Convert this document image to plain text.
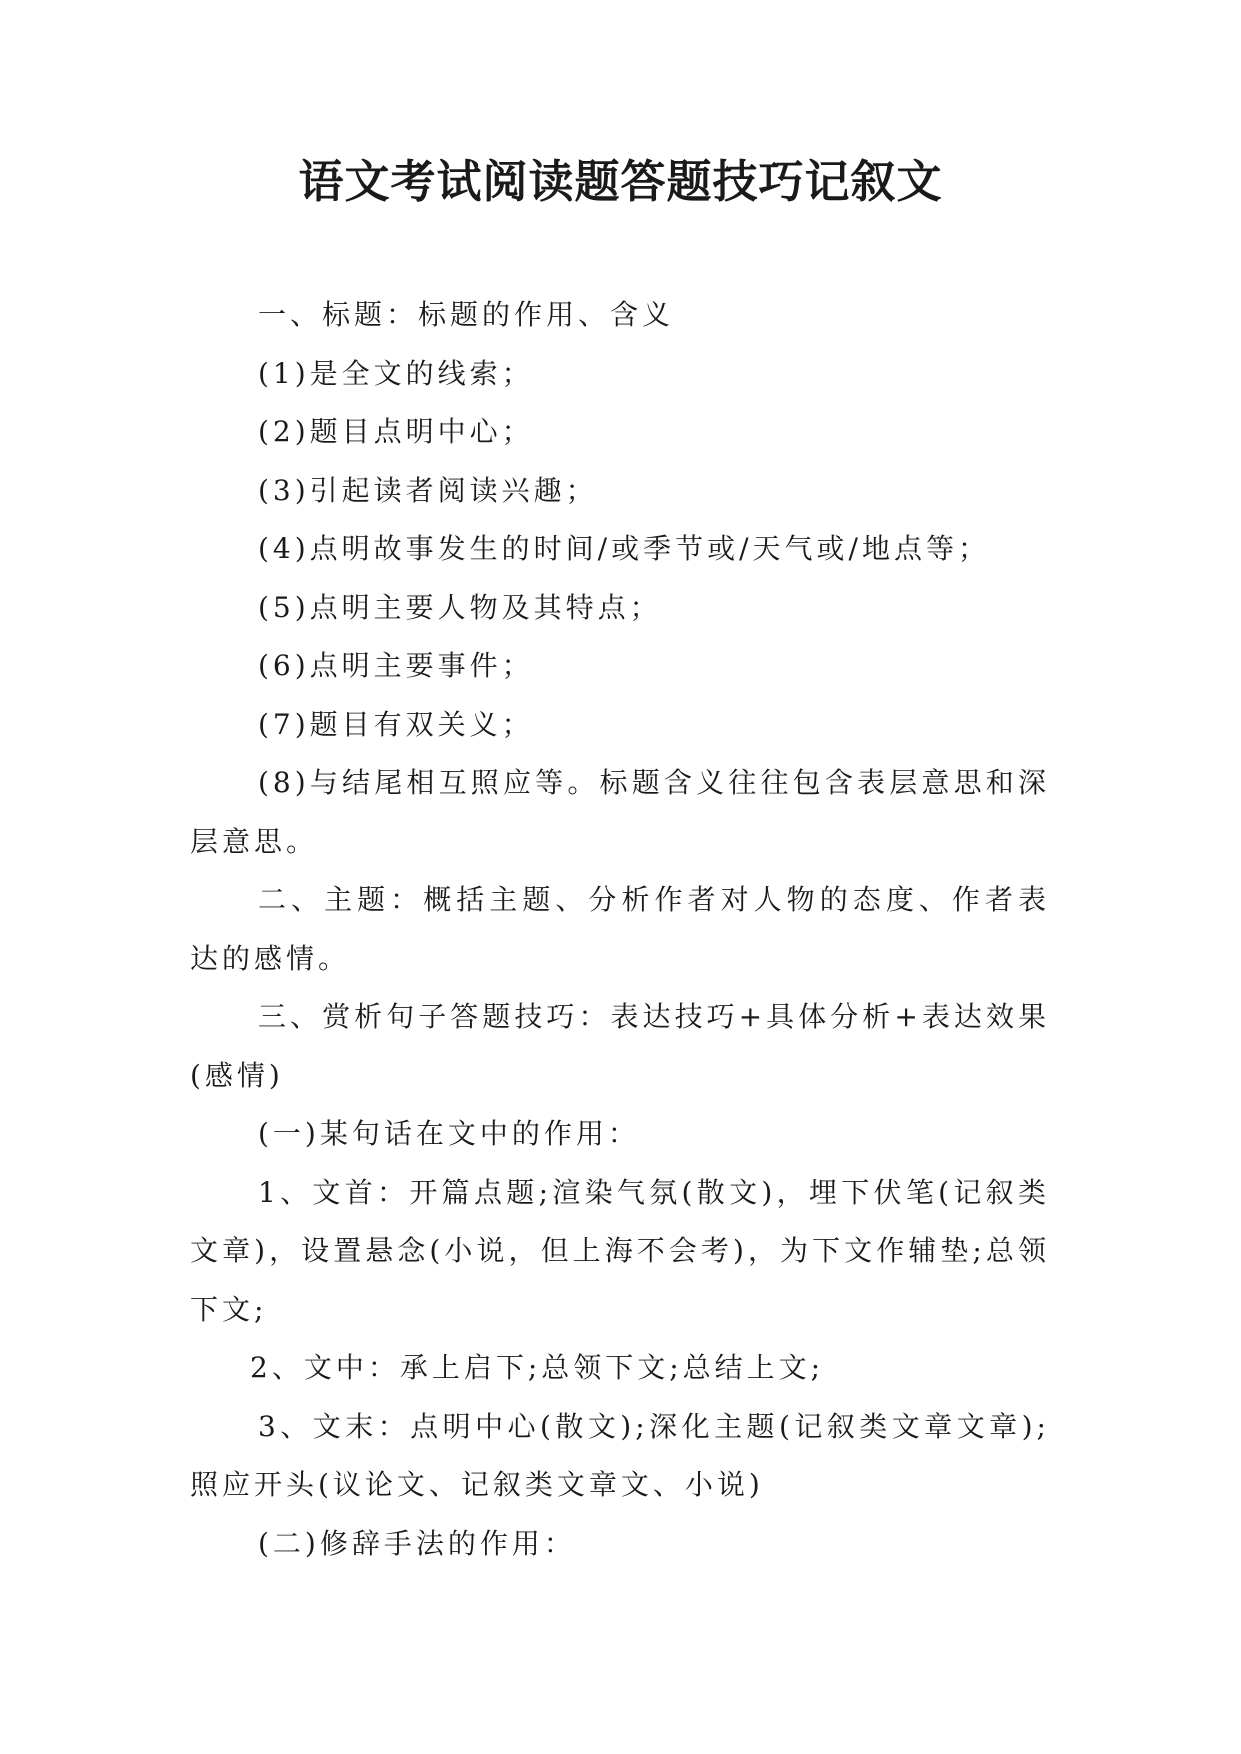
语文考试阅读题答题技巧记叙文

一、标题：标题的作用、含义

(1)是全文的线索；

(2)题目点明中心；

(3)引起读者阅读兴趣；

(4)点明故事发生的时间/或季节或/天气或/地点等；

(5)点明主要人物及其特点；

(6)点明主要事件；

(7)题目有双关义；

(8)与结尾相互照应等。标题含义往往包含表层意思和深层意思。

二、主题：概括主题、分析作者对人物的态度、作者表达的感情。

三、赏析句子答题技巧：表达技巧+具体分析+表达效果(感情)

(一)某句话在文中的作用：

1、文首：开篇点题;渲染气氛(散文)，埋下伏笔(记叙类文章)，设置悬念(小说，但上海不会考)，为下文作辅垫;总领下文;

2、文中：承上启下;总领下文;总结上文;

3、文末：点明中心(散文);深化主题(记叙类文章文章);照应开头(议论文、记叙类文章文、小说)

(二)修辞手法的作用：
